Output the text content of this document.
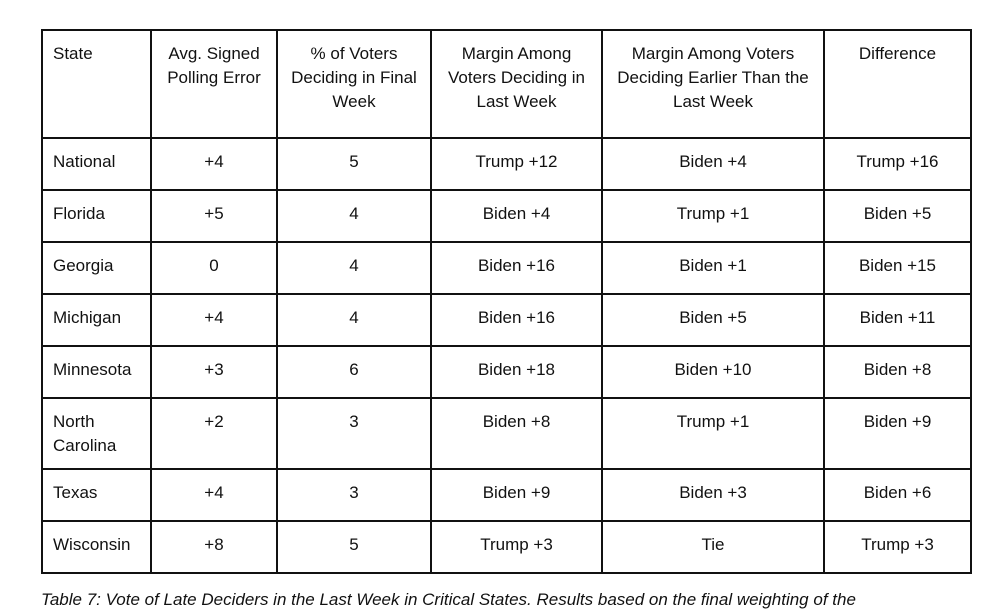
State	Avg. Signed Polling Error	% of Voters Deciding in Final Week	Margin Among Voters Deciding in Last Week	Margin Among Voters Deciding Earlier Than the Last Week	Difference
National	+4	5	Trump +12	Biden +4	Trump +16
Florida	+5	4	Biden +4	Trump +1	Biden +5
Georgia	0	4	Biden +16	Biden +1	Biden +15
Michigan	+4	4	Biden +16	Biden +5	Biden +11
Minnesota	+3	6	Biden +18	Biden +10	Biden +8
North Carolina	+2	3	Biden +8	Trump +1	Biden +9
Texas	+4	3	Biden +9	Biden +3	Biden +6
Wisconsin	+8	5	Trump +3	Tie	Trump +3
Table 7: Vote of Late Deciders in the Last Week in Critical States. Results based on the final weighting of the
